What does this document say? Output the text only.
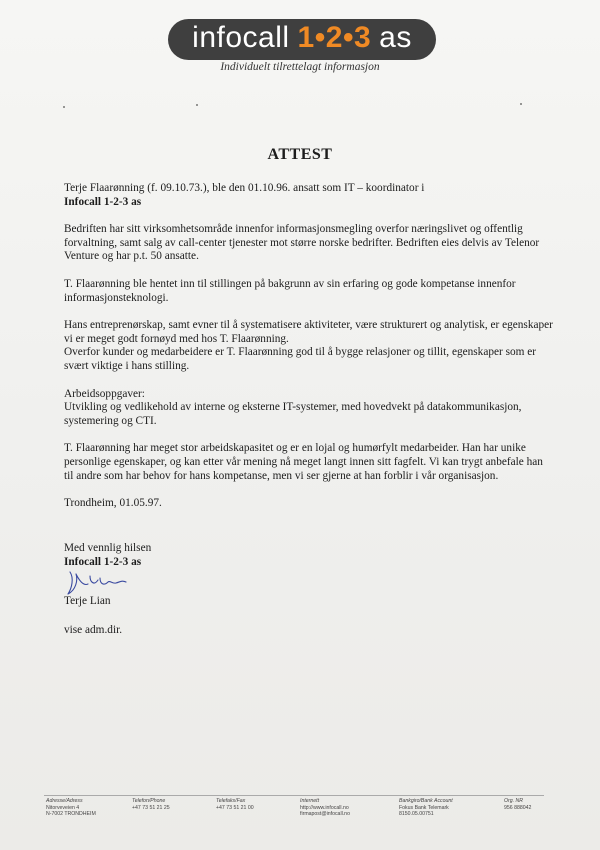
infocall 1 • 2 • 3 as
Individuelt tilrettelagt informasjon
ATTEST

Terje Flaarønning (f. 09.10.73.), ble den 01.10.96. ansatt som IT – koordinator i
Infocall 1-2-3 as

Bedriften har sitt virksomhetsområde innenfor informasjonsmegling overfor næringslivet og offentlig forvaltning, samt salg av call-center tjenester mot større norske bedrifter. Bedriften eies delvis av Telenor Venture og har p.t. 50 ansatte.

T. Flaarønning ble hentet inn til stillingen på bakgrunn av sin erfaring og gode kompetanse innenfor informasjonsteknologi.

Hans entreprenørskap, samt evner til å systematisere aktiviteter, være strukturert og analytisk, er egenskaper vi er meget godt fornøyd med hos T. Flaarønning.
Overfor kunder og medarbeidere er T. Flaarønning god til å bygge relasjoner og tillit, egenskaper som er svært viktige i hans stilling.

Arbeidsoppgaver:
Utvikling og vedlikehold av interne og eksterne IT-systemer, med hovedvekt på datakommunikasjon, systemering og CTI.

T. Flaarønning har meget stor arbeidskapasitet og er en lojal og humørfylt medarbeider. Han har unike personlige egenskaper, og kan etter vår mening nå meget langt innen sitt fagfelt. Vi kan trygt anbefale han til andre som har behov for hans kompetanse, men vi ser gjerne at han forblir i vår organisasjon.

Trondheim, 01.05.97.

Med vennlig hilsen
Infocall 1-2-3 as
Terje Lian
vise adm.dir.
Adresse/Adress
Nitorveveien 4
N-7002 TRONDHEIM
Telefon/Phone
+47 73 51 21 25
Telefaks/Fax
+47 73 51 21 00
Internett
http://www.infocall.no
firmapost@infocall.no
Bankgiro/Bank Account
Fokus Bank Telemark
8150.05.00751
Org. NR
956 888042
